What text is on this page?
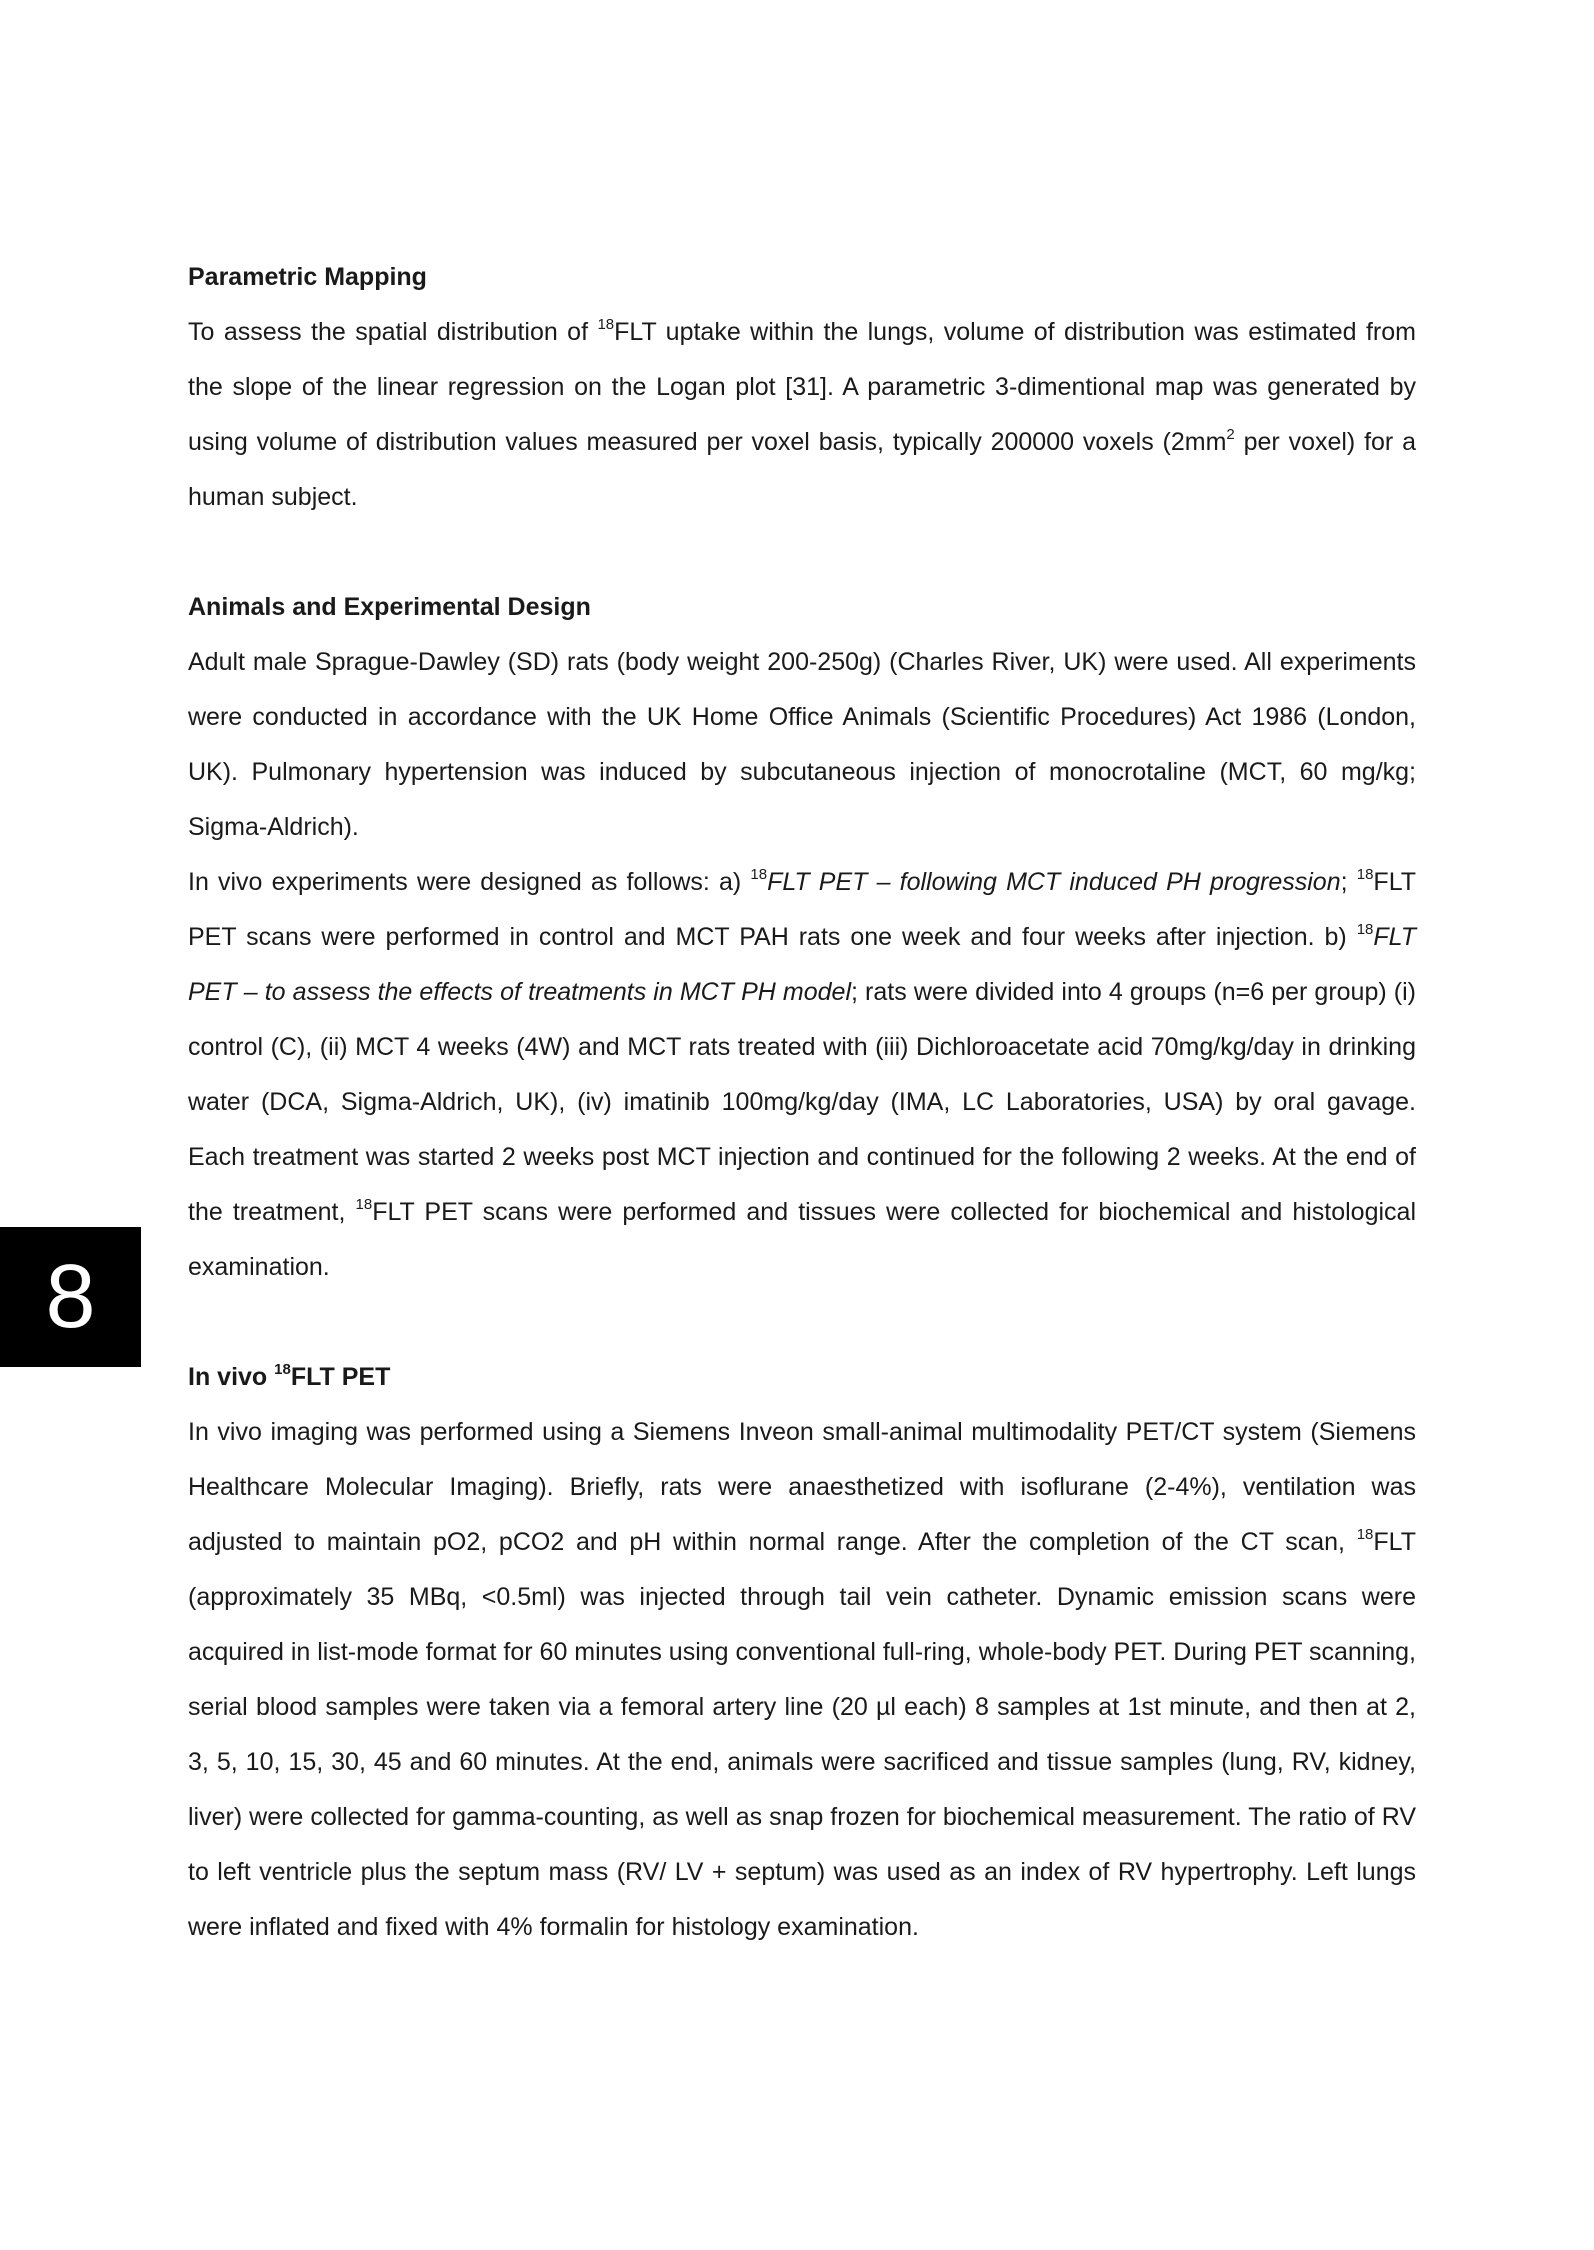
Parametric Mapping

To assess the spatial distribution of $^{18}$FLT uptake within the lungs, volume of distribution was estimated from the slope of the linear regression on the Logan plot [31]. A parametric 3-dimentional map was generated by using volume of distribution values measured per voxel basis, typically 200000 voxels ($2mm^2$ per voxel) for a human subject.

Animals and Experimental Design

Adult male Sprague-Dawley (SD) rats (body weight 200-250g) (Charles River, UK) were used. All experiments were conducted in accordance with the UK Home Office Animals (Scientific Procedures) Act 1986 (London, UK). Pulmonary hypertension was induced by subcutaneous injection of monocrotaline (MCT, 60 mg/kg; Sigma-Aldrich).

In vivo experiments were designed as follows: a) $^{18}$FLT PET – following MCT induced PH progression; $^{18}$FLT PET scans were performed in control and MCT PAH rats one week and four weeks after injection. b) $^{18}$FLT PET – to assess the effects of treatments in MCT PH model; rats were divided into 4 groups (n=6 per group) (i) control (C), (ii) MCT 4 weeks (4W) and MCT rats treated with (iii) Dichloroacetate acid 70mg/kg/day in drinking water (DCA, Sigma-Aldrich, UK), (iv) imatinib 100mg/kg/day (IMA, LC Laboratories, USA) by oral gavage. Each treatment was started 2 weeks post MCT injection and continued for the following 2 weeks. At the end of the treatment, $^{18}$FLT PET scans were performed and tissues were collected for biochemical and histological examination.

In vivo $^{18}$FLT PET

In vivo imaging was performed using a Siemens Inveon small-animal multimodality PET/CT system (Siemens Healthcare Molecular Imaging). Briefly, rats were anaesthetized with isoflurane (2-4%), ventilation was adjusted to maintain pO2, pCO2 and pH within normal range. After the completion of the CT scan, $^{18}$FLT (approximately 35 MBq, <0.5ml) was injected through tail vein catheter. Dynamic emission scans were acquired in list-mode format for 60 minutes using conventional full-ring, whole-body PET. During PET scanning, serial blood samples were taken via a femoral artery line (20 µl each) 8 samples at 1st minute, and then at 2, 3, 5, 10, 15, 30, 45 and 60 minutes. At the end, animals were sacrificed and tissue samples (lung, RV, kidney, liver) were collected for gamma-counting, as well as snap frozen for biochemical measurement. The ratio of RV to left ventricle plus the septum mass (RV/ LV + septum) was used as an index of RV hypertrophy. Left lungs were inflated and fixed with 4% formalin for histology examination.

8
